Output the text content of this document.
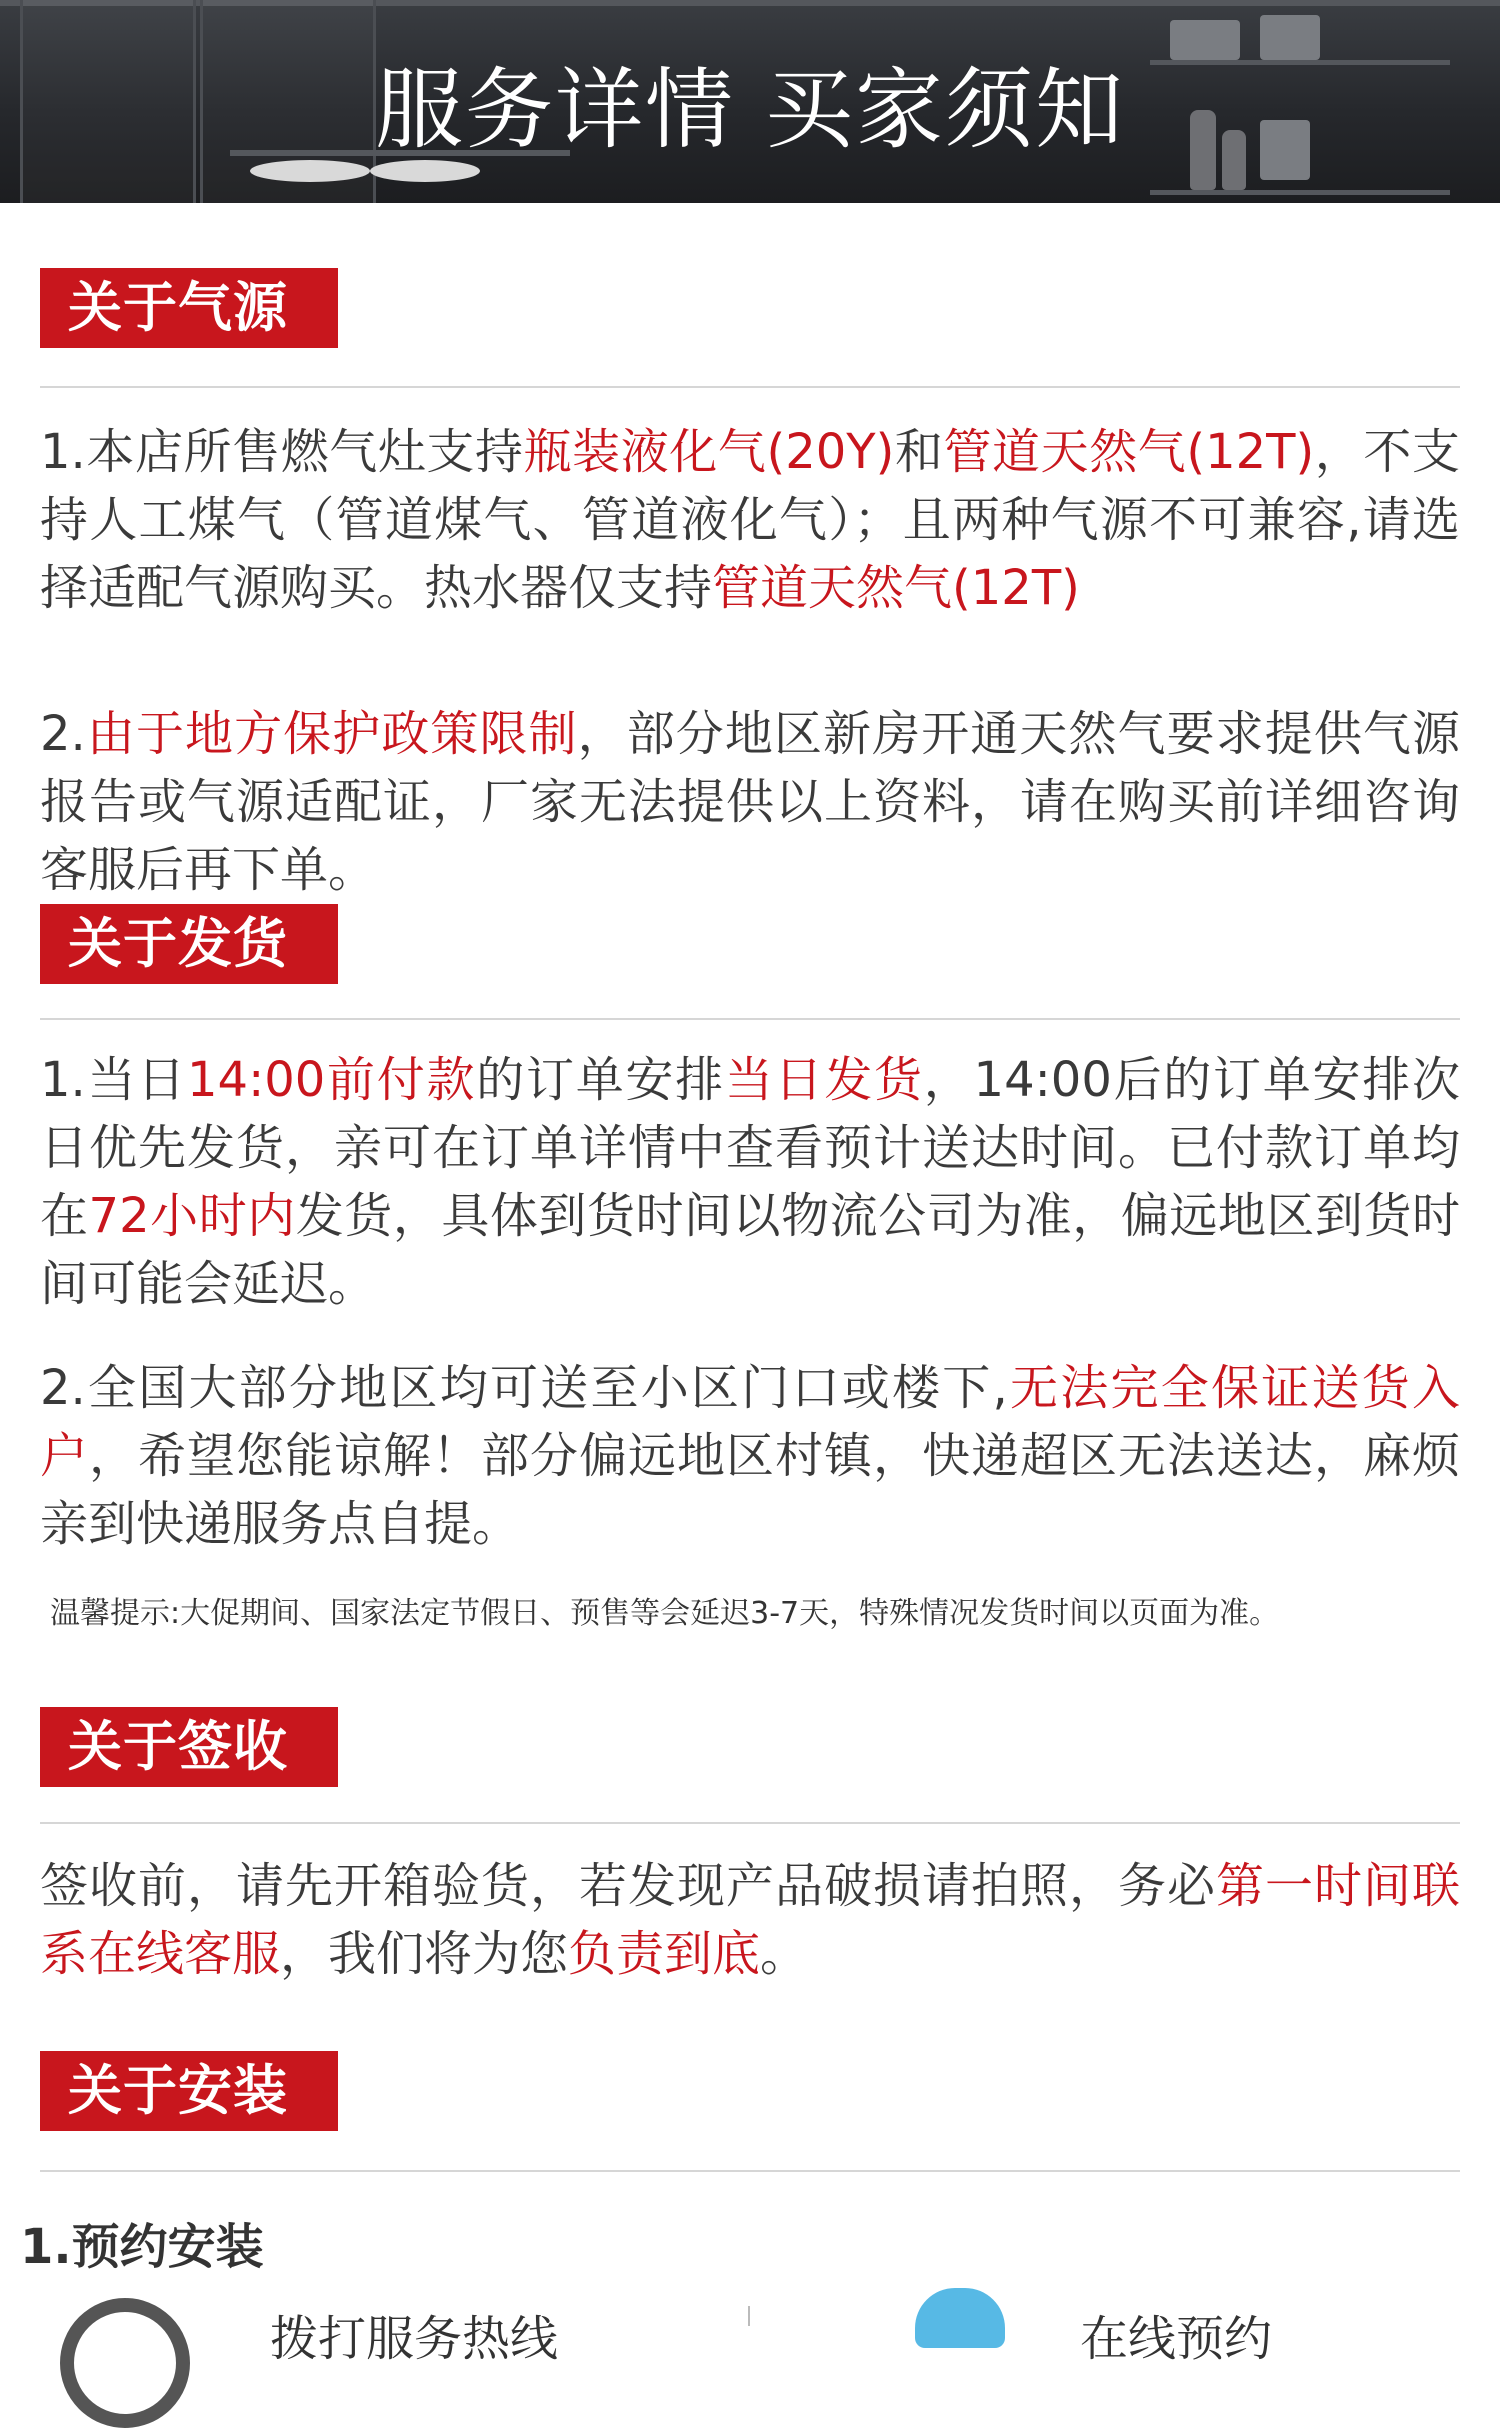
服务详情 买家须知
关于气源
1.本店所售燃气灶支持瓶装液化气(20Y)和管道天然气(12T)，不支持人工煤气（管道煤气、管道液化气）；且两种气源不可兼容,请选择适配气源购买。热水器仅支持管道天然气(12T)
2.由于地方保护政策限制，部分地区新房开通天然气要求提供气源报告或气源适配证，厂家无法提供以上资料，请在购买前详细咨询客服后再下单。
关于发货
1.当日14:00前付款的订单安排当日发货，14:00后的订单安排次日优先发货，亲可在订单详情中查看预计送达时间。已付款订单均在72小时内发货，具体到货时间以物流公司为准，偏远地区到货时间可能会延迟。
2.全国大部分地区均可送至小区门口或楼下,无法完全保证送货入户，希望您能谅解！部分偏远地区村镇，快递超区无法送达，麻烦亲到快递服务点自提。
温馨提示:大促期间、国家法定节假日、预售等会延迟3-7天，特殊情况发货时间以页面为准。
关于签收
签收前，请先开箱验货，若发现产品破损请拍照，务必第一时间联系在线客服，我们将为您负责到底。
关于安装
1.预约安装
拨打服务热线	在线预约
